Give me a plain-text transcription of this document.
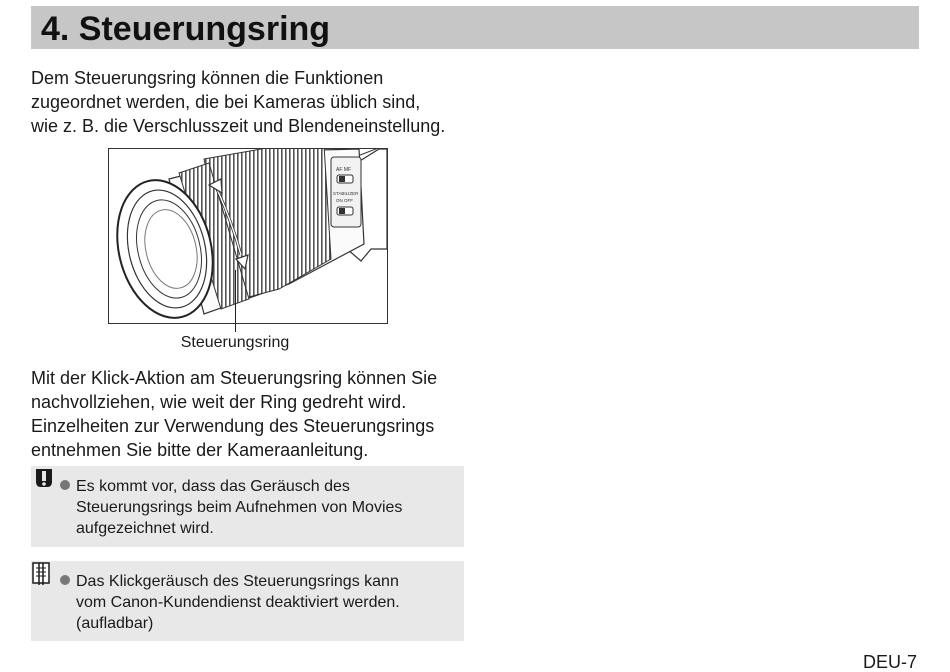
4. Steuerungsring
Dem Steuerungsring können die Funktionen
zugeordnet werden, die bei Kameras üblich sind,
wie z. B. die Verschlusszeit und Blendeneinstellung.
AF MF
STABILIZER
ON OFF
Steuerungsring
Mit der Klick-Aktion am Steuerungsring können Sie
nachvollziehen, wie weit der Ring gedreht wird.
Einzelheiten zur Verwendung des Steuerungsrings
entnehmen Sie bitte der Kameraanleitung.
Es kommt vor, dass das Geräusch des
Steuerungsrings beim Aufnehmen von Movies
aufgezeichnet wird.
Das Klickgeräusch des Steuerungsrings kann
vom Canon-Kundendienst deaktiviert werden.
(aufladbar)
DEU-7
